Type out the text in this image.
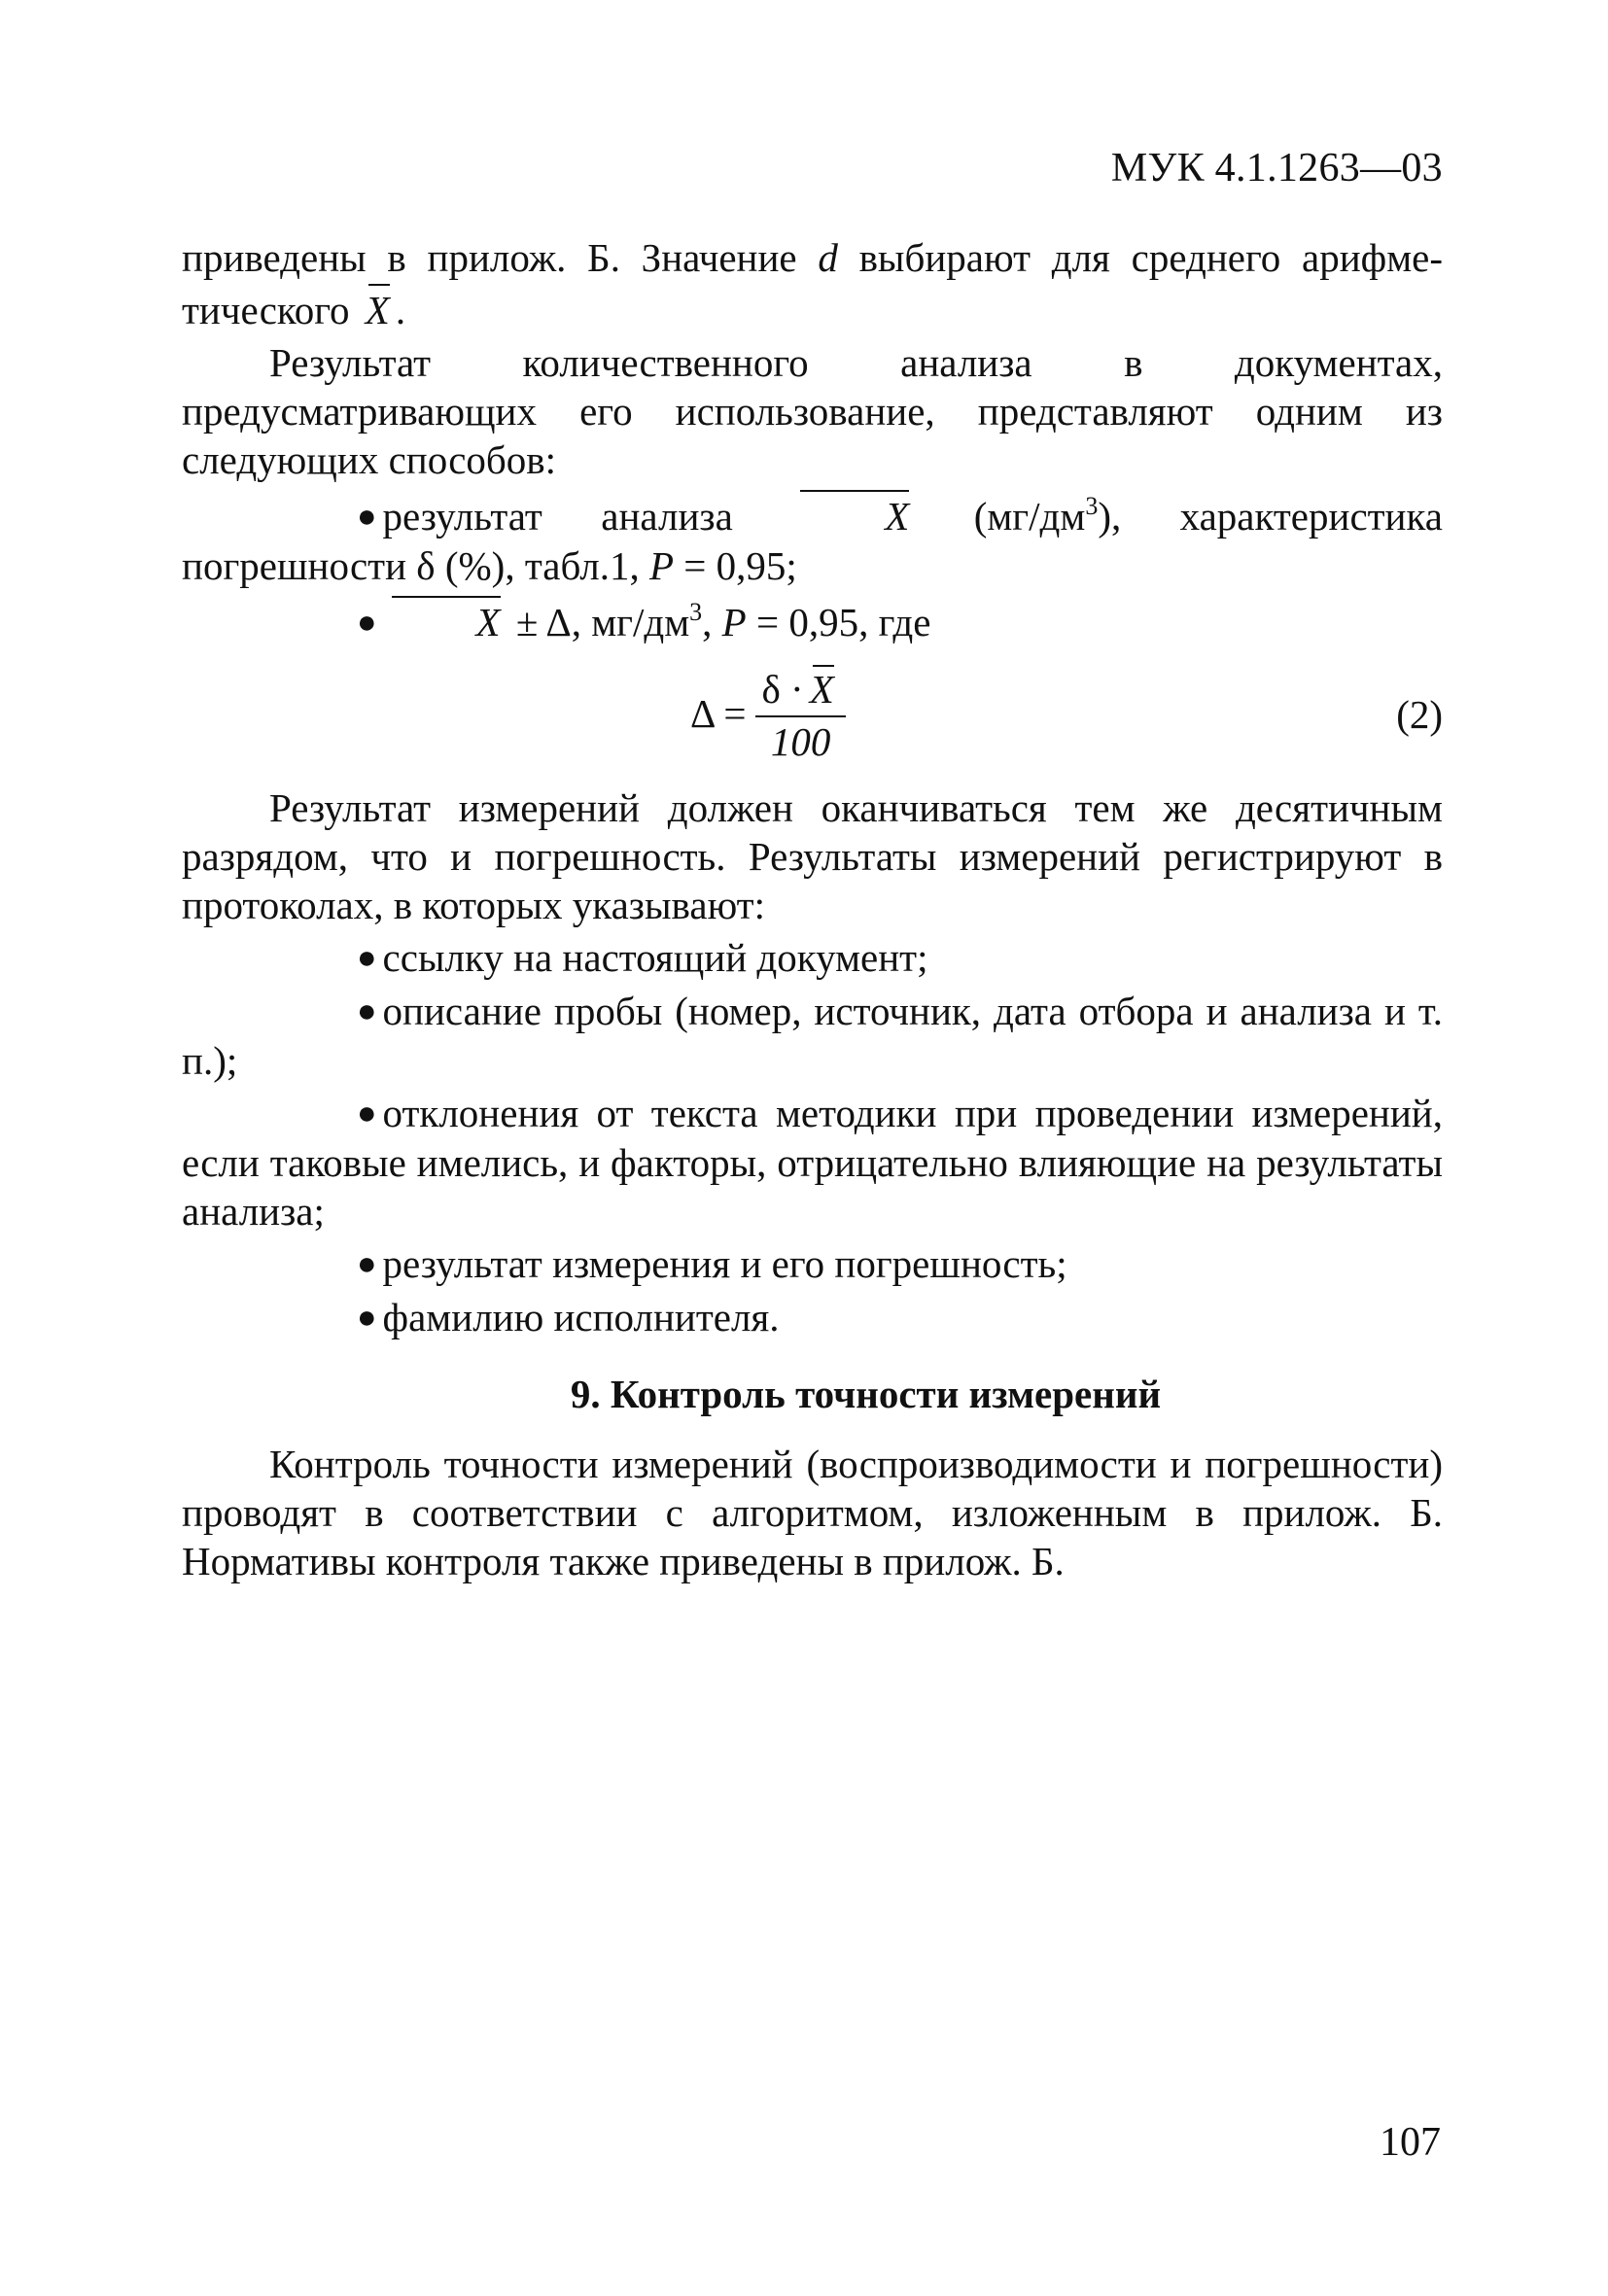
МУК 4.1.1263—03

приведены в прилож. Б. Значение d выбирают для среднего арифме-тического X .

Результат количественного анализа в документах, предусматривающих его использование, представляют одним из следующих способов:

● результат анализа X $(мг/дм^3)$, характеристика погрешности δ (%), табл.1, P = 0,95;

● X ± Δ, $мг/дм^3$, P = 0,95, где

$\Delta = \frac{\delta \cdot X}{100}$	(2)

Результат измерений должен оканчиваться тем же десятичным разрядом, что и погрешность. Результаты измерений регистрируют в протоколах, в которых указывают:

● ссылку на настоящий документ;

● описание пробы (номер, источник, дата отбора и анализа и т. п.);

● отклонения от текста методики при проведении измерений, если таковые имелись, и факторы, отрицательно влияющие на результаты анализа;

● результат измерения и его погрешность;

● фамилию исполнителя.

9. Контроль точности измерений

Контроль точности измерений (воспроизводимости и погрешности) проводят в соответствии с алгоритмом, изложенным в прилож. Б. Нормативы контроля также приведены в прилож. Б.

107
